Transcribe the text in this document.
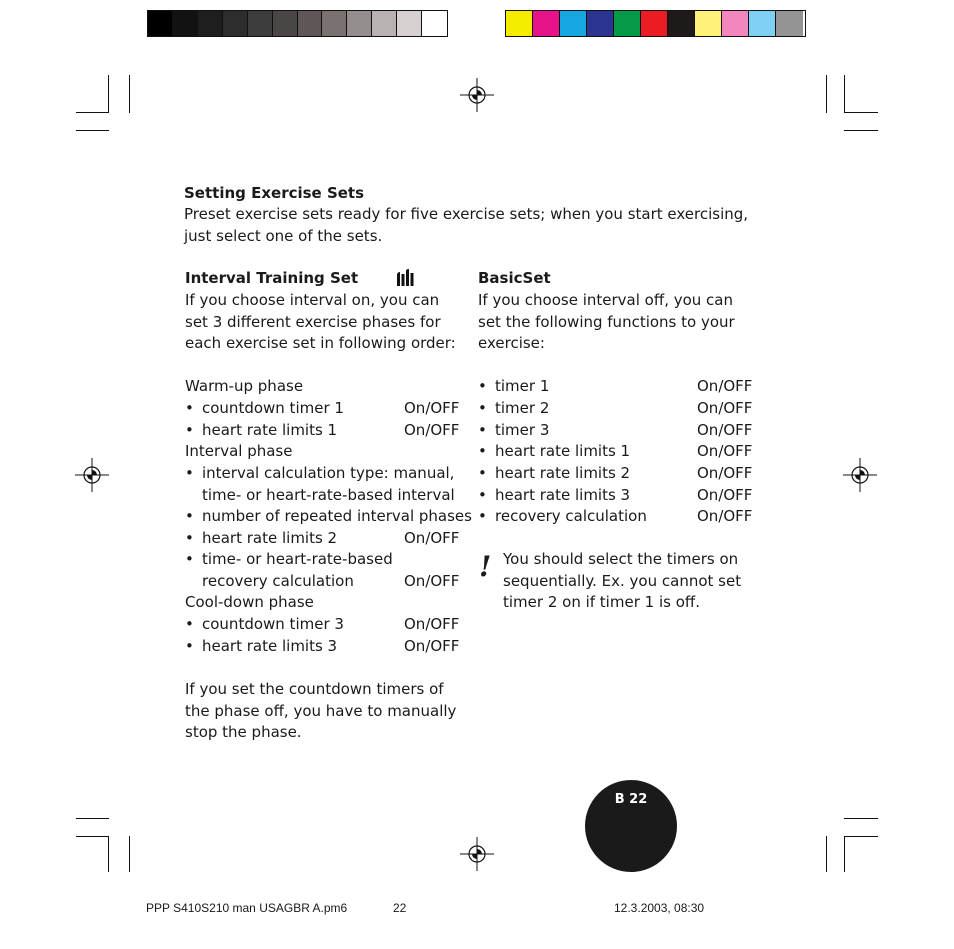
Setting Exercise Sets
Preset exercise sets ready for five exercise sets; when you start exercising,
just select one of the sets.
Interval Training Set
If you choose interval on, you can
set 3 different exercise phases for
each exercise set in following order:
Warm-up phase
• countdown timer 1	On/OFF
• heart rate limits 1	On/OFF
Interval phase
• interval calculation type: manual,
time- or heart-rate-based interval
• number of repeated interval phases
• heart rate limits 2	On/OFF
• time- or heart-rate-based
recovery calculation	On/OFF
Cool-down phase
• countdown timer 3	On/OFF
• heart rate limits 3	On/OFF
If you set the countdown timers of
the phase off, you have to manually
stop the phase.
BasicSet
If you choose interval off, you can
set the following functions to your
exercise:
• timer 1	On/OFF
• timer 2	On/OFF
• timer 3	On/OFF
• heart rate limits 1	On/OFF
• heart rate limits 2	On/OFF
• heart rate limits 3	On/OFF
• recovery calculation	On/OFF
! You should select the timers on
sequentially. Ex. you cannot set
timer 2 on if timer 1 is off.
B 22
PPP S410S210 man USAGBR A.pm6	22	12.3.2003, 08:30
